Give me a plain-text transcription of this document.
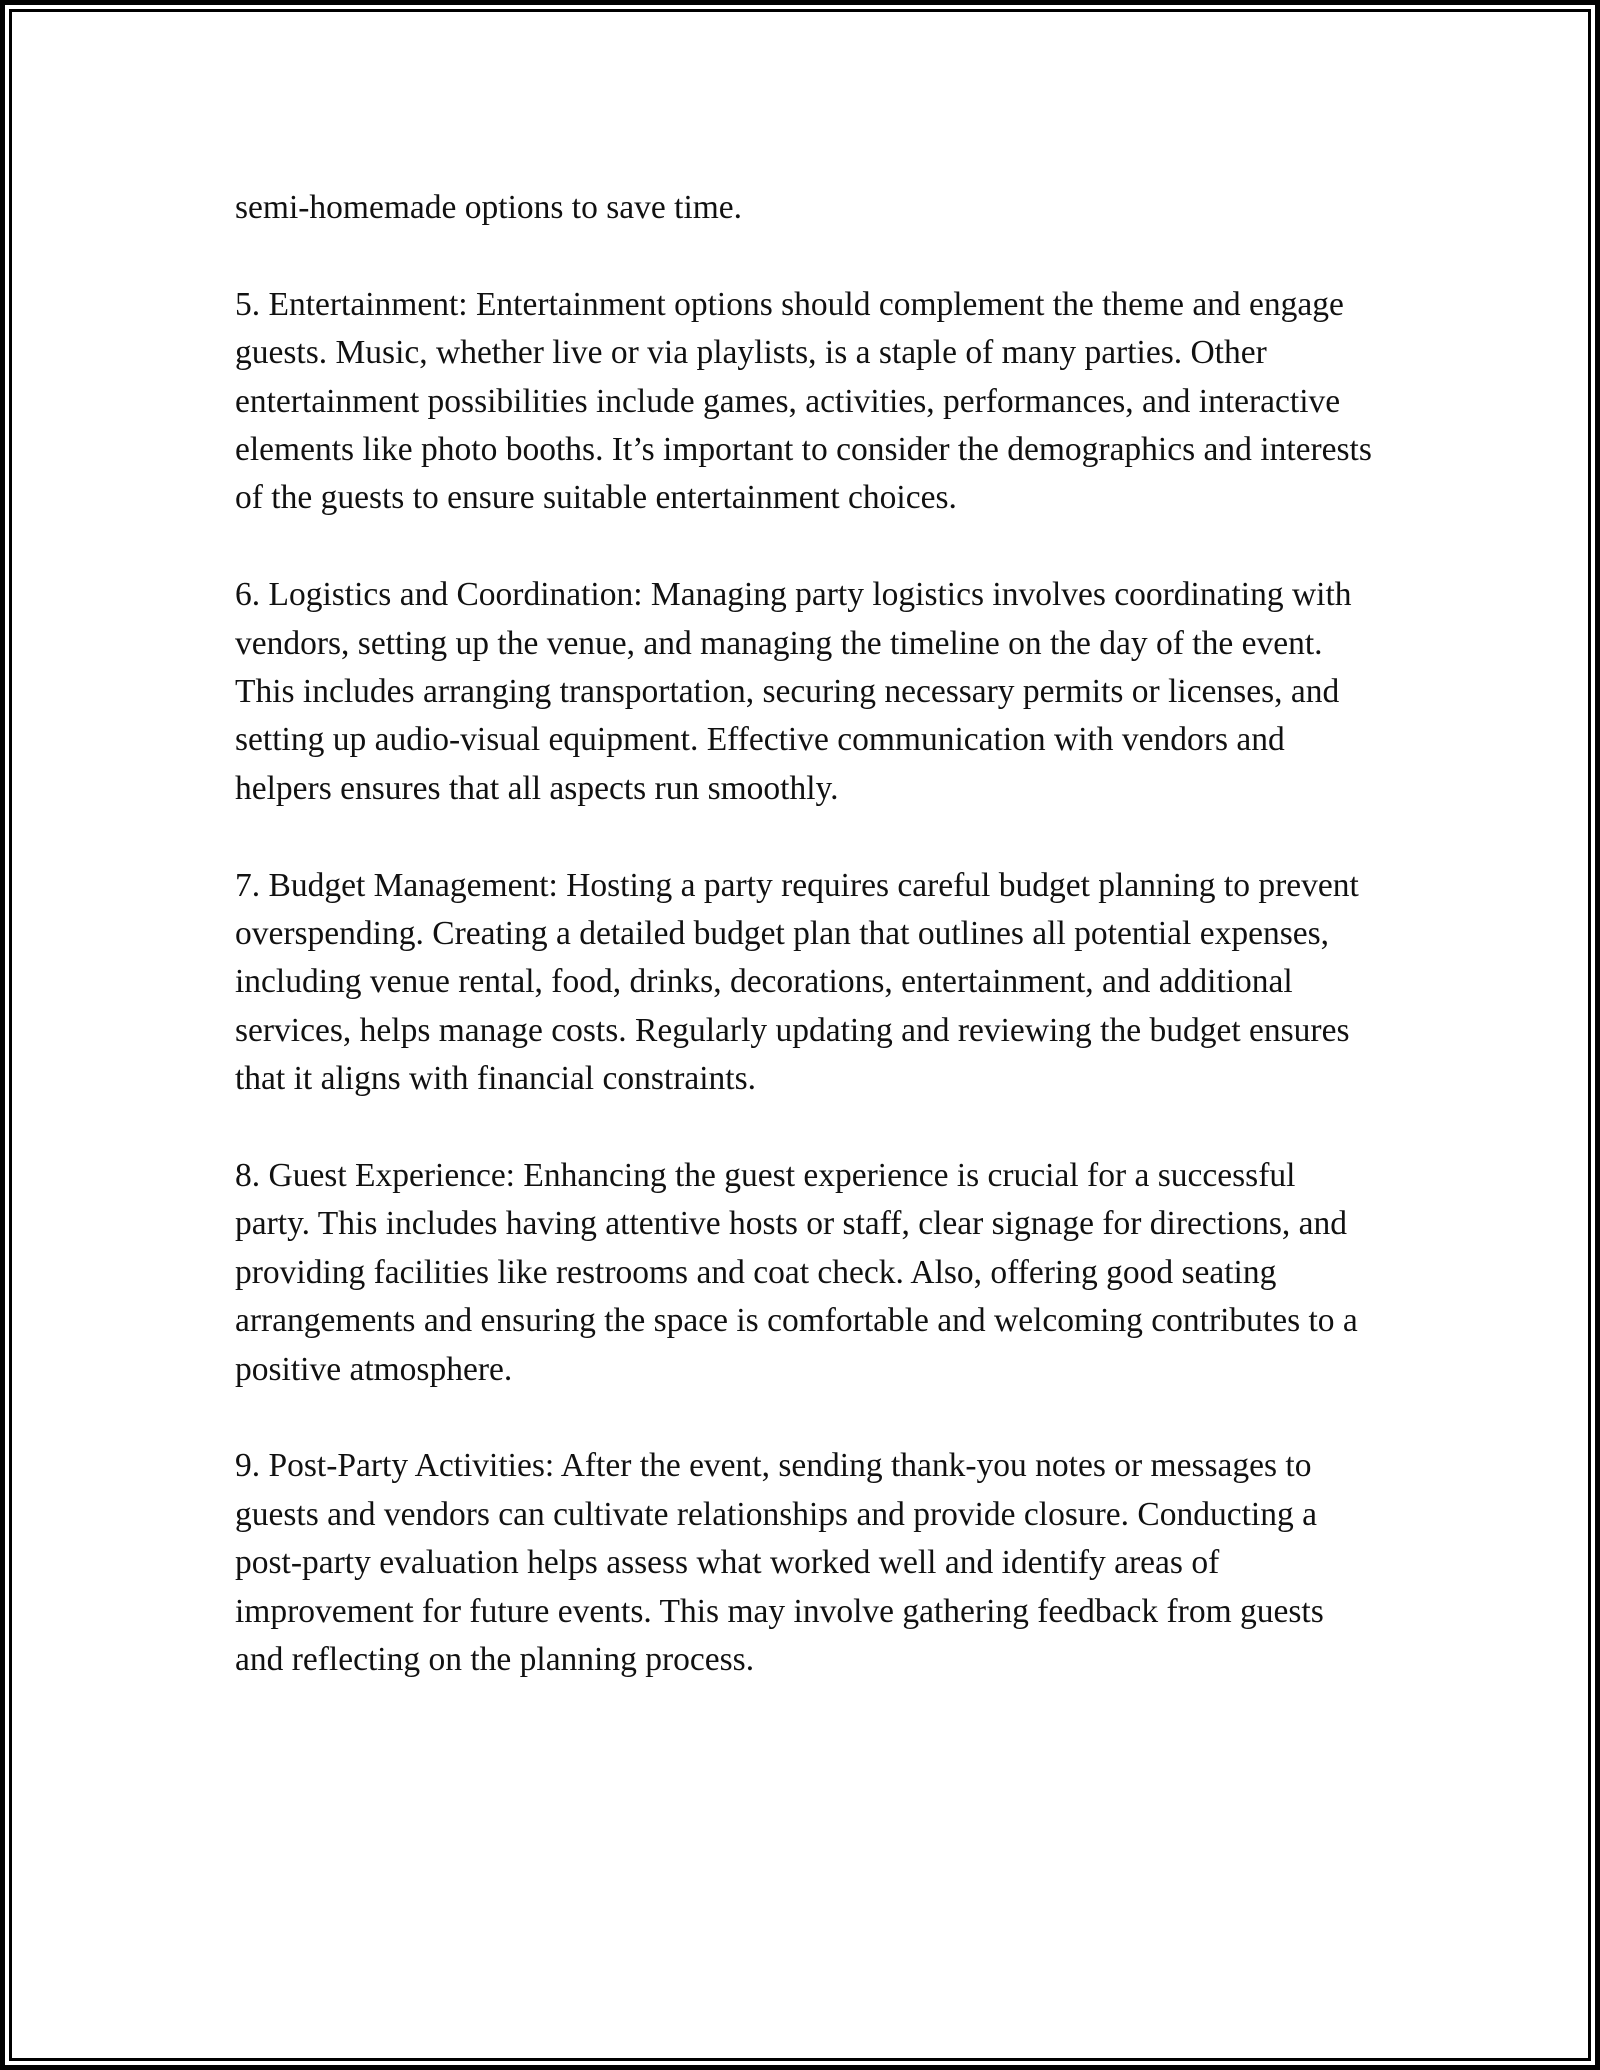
semi-homemade options to save time.

5. Entertainment: Entertainment options should complement the theme and engage guests. Music, whether live or via playlists, is a staple of many parties. Other entertainment possibilities include games, activities, performances, and interactive elements like photo booths. It’s important to consider the demographics and interests of the guests to ensure suitable entertainment choices.

6. Logistics and Coordination: Managing party logistics involves coordinating with vendors, setting up the venue, and managing the timeline on the day of the event. This includes arranging transportation, securing necessary permits or licenses, and setting up audio-visual equipment. Effective communication with vendors and helpers ensures that all aspects run smoothly.

7. Budget Management: Hosting a party requires careful budget planning to prevent overspending. Creating a detailed budget plan that outlines all potential expenses, including venue rental, food, drinks, decorations, entertainment, and additional services, helps manage costs. Regularly updating and reviewing the budget ensures that it aligns with financial constraints.

8. Guest Experience: Enhancing the guest experience is crucial for a successful party. This includes having attentive hosts or staff, clear signage for directions, and providing facilities like restrooms and coat check. Also, offering good seating arrangements and ensuring the space is comfortable and welcoming contributes to a positive atmosphere.

9. Post-Party Activities: After the event, sending thank-you notes or messages to guests and vendors can cultivate relationships and provide closure. Conducting a post-party evaluation helps assess what worked well and identify areas of improvement for future events. This may involve gathering feedback from guests and reflecting on the planning process.
